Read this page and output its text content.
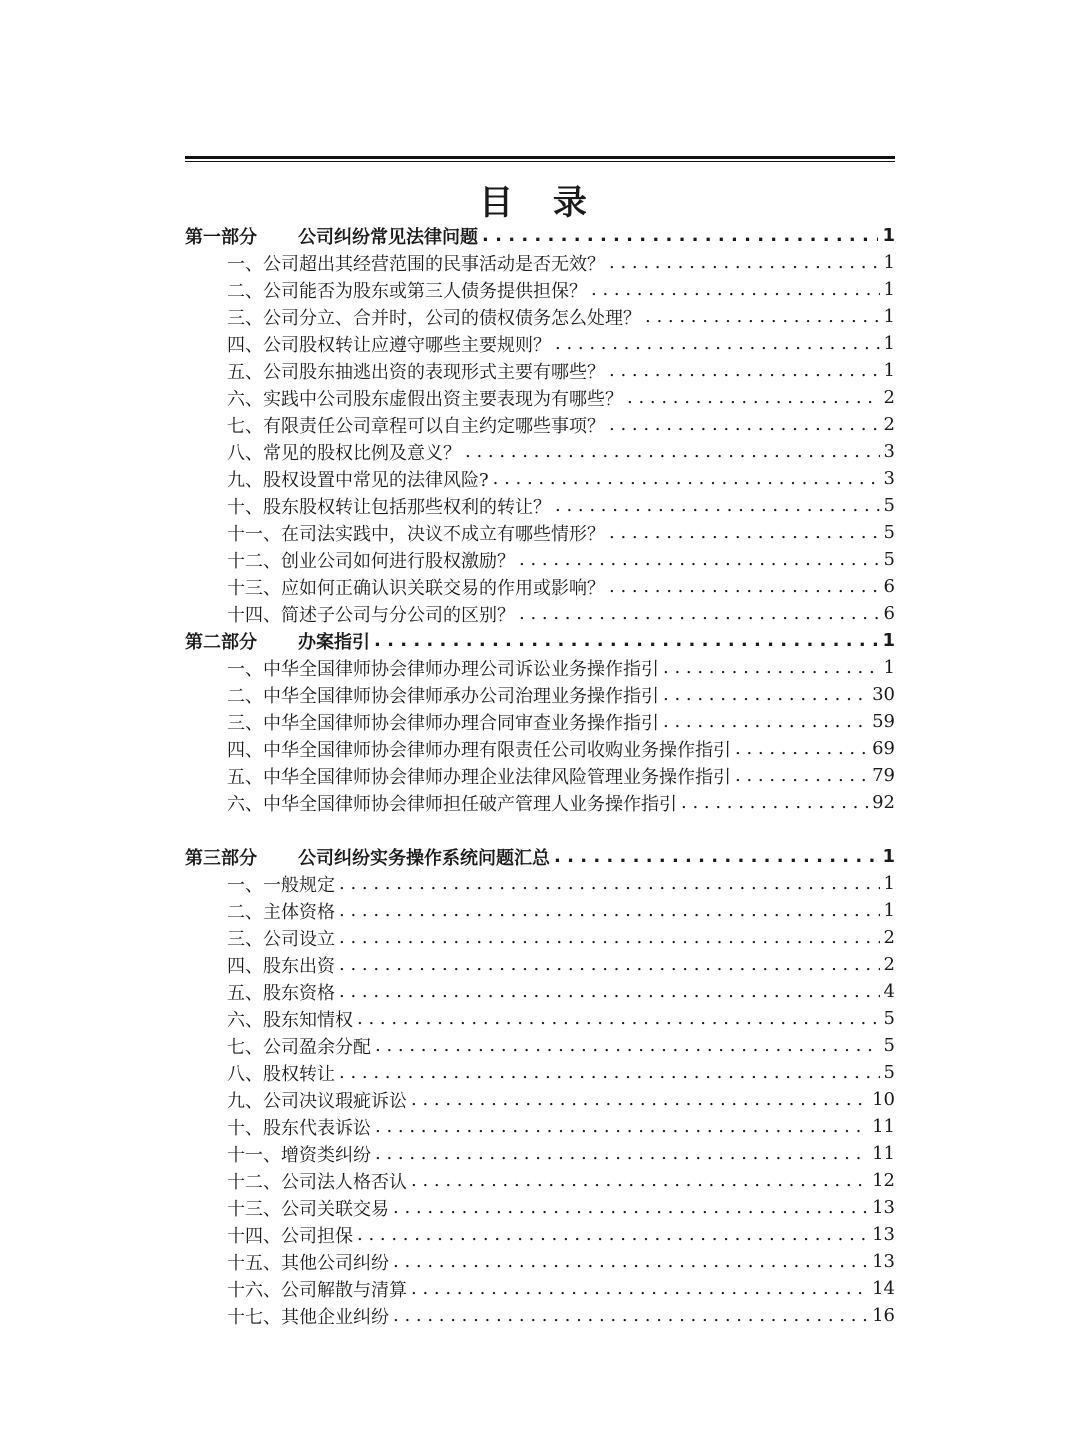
目 录
第一部分	公司纠纷常见法律问题 . . .	1
一、公司超出其经营范围的民事活动是否无效？ . . .	1
二、公司能否为股东或第三人债务提供担保？ . . .	1
三、公司分立、合并时，公司的债权债务怎么处理？ . . .	1
四、公司股权转让应遵守哪些主要规则？ . . .	1
五、公司股东抽逃出资的表现形式主要有哪些？ . . .	1
六、实践中公司股东虚假出资主要表现为有哪些？ . . .	2
七、有限责任公司章程可以自主约定哪些事项？ . . .	2
八、常见的股权比例及意义？ . . .	3
九、股权设置中常见的法律风险? . . .	3
十、股东股权转让包括那些权利的转让？ . . .	5
十一、在司法实践中，决议不成立有哪些情形？ . . .	5
十二、创业公司如何进行股权激励？ . . .	5
十三、应如何正确认识关联交易的作用或影响？ . . .	6
十四、简述子公司与分公司的区别？ . . .	6
第二部分	办案指引 . . .	1
一、中华全国律师协会律师办理公司诉讼业务操作指引 . . .	1
二、中华全国律师协会律师承办公司治理业务操作指引 . . .	30
三、中华全国律师协会律师办理合同审查业务操作指引 . . .	59
四、中华全国律师协会律师办理有限责任公司收购业务操作指引 . . .	69
五、中华全国律师协会律师办理企业法律风险管理业务操作指引 . . .	79
六、中华全国律师协会律师担任破产管理人业务操作指引 . . .	92
第三部分	公司纠纷实务操作系统问题汇总 . . .	1
一、一般规定 . . .	1
二、主体资格 . . .	1
三、公司设立 . . .	2
四、股东出资 . . .	2
五、股东资格 . . .	4
六、股东知情权 . . .	5
七、公司盈余分配 . . .	5
八、股权转让 . . .	5
九、公司决议瑕疵诉讼 . . .	10
十、股东代表诉讼 . . .	11
十一、增资类纠纷 . . .	11
十二、公司法人格否认 . . .	12
十三、公司关联交易 . . .	13
十四、公司担保 . . .	13
十五、其他公司纠纷 . . .	13
十六、公司解散与清算 . . .	14
十七、其他企业纠纷 . . .	16
